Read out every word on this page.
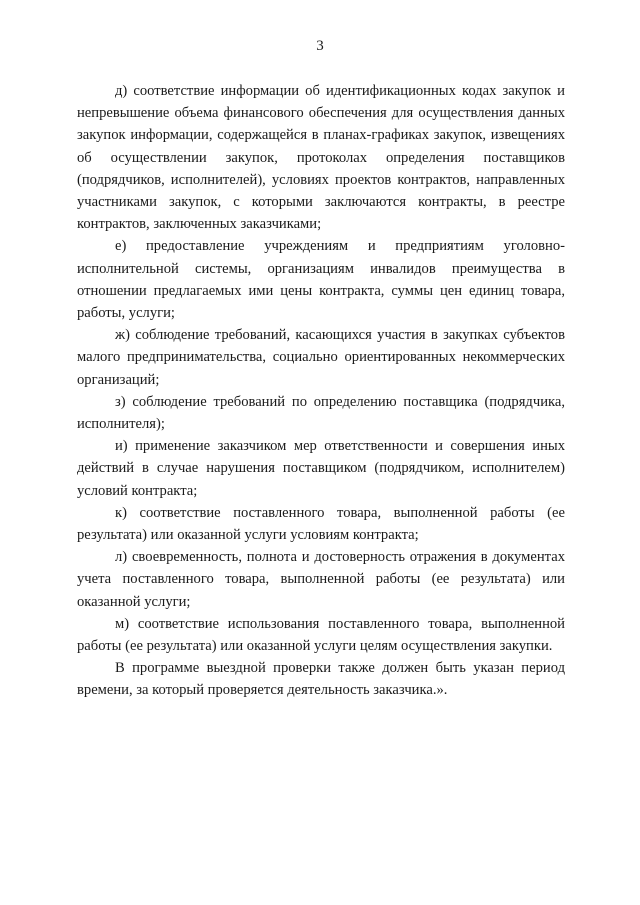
3

д) соответствие информации об идентификационных кодах закупок и непревышение объема финансового обеспечения для осуществления данных закупок информации, содержащейся в планах-графиках закупок, извещениях об осуществлении закупок, протоколах определения поставщиков (подрядчиков, исполнителей), условиях проектов контрактов, направленных участниками закупок, с которыми заключаются контракты, в реестре контрактов, заключенных заказчиками;

е) предоставление учреждениям и предприятиям уголовно-исполнительной системы, организациям инвалидов преимущества в отношении предлагаемых ими цены контракта, суммы цен единиц товара, работы, услуги;

ж) соблюдение требований, касающихся участия в закупках субъектов малого предпринимательства, социально ориентированных некоммерческих организаций;

з) соблюдение требований по определению поставщика (подрядчика, исполнителя);

и) применение заказчиком мер ответственности и совершения иных действий в случае нарушения поставщиком (подрядчиком, исполнителем) условий контракта;

к) соответствие поставленного товара, выполненной работы (ее результата) или оказанной услуги условиям контракта;

л) своевременность, полнота и достоверность отражения в документах учета поставленного товара, выполненной работы (ее результата) или оказанной услуги;

м) соответствие использования поставленного товара, выполненной работы (ее результата) или оказанной услуги целям осуществления закупки.

В программе выездной проверки также должен быть указан период времени, за который проверяется деятельность заказчика.».
